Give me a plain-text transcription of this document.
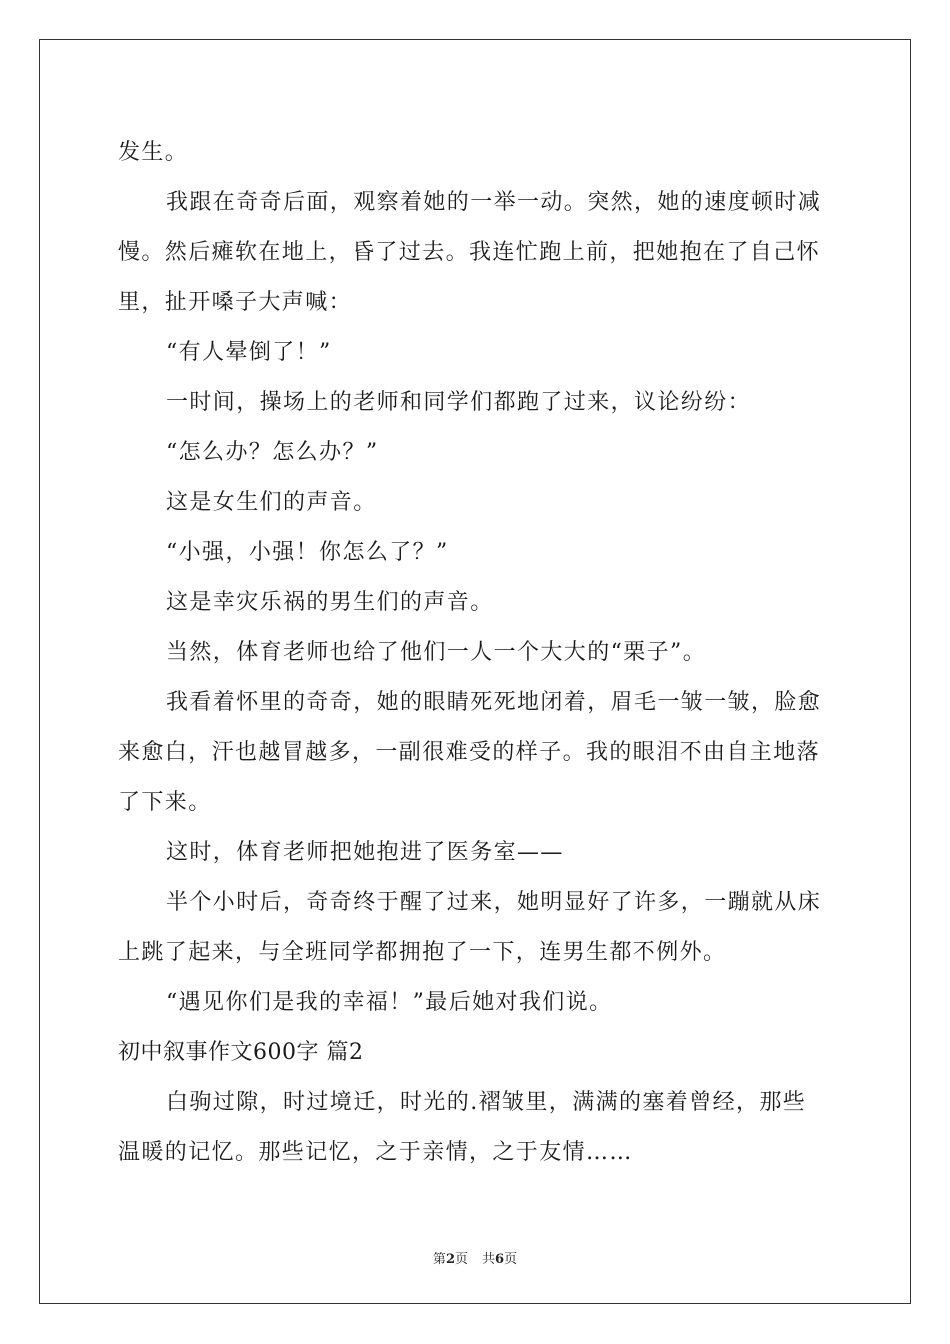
发生。
我跟在奇奇后面，观察着她的一举一动。突然，她的速度顿时减
慢。然后瘫软在地上，昏了过去。我连忙跑上前，把她抱在了自己怀
里，扯开嗓子大声喊：
“有人晕倒了！”
一时间，操场上的老师和同学们都跑了过来，议论纷纷：
“怎么办？怎么办？”
这是女生们的声音。
“小强，小强！你怎么了？”
这是幸灾乐祸的男生们的声音。
当然，体育老师也给了他们一人一个大大的“栗子”。
我看着怀里的奇奇，她的眼睛死死地闭着，眉毛一皱一皱，脸愈
来愈白，汗也越冒越多，一副很难受的样子。我的眼泪不由自主地落
了下来。
这时，体育老师把她抱进了医务室——
半个小时后，奇奇终于醒了过来，她明显好了许多，一蹦就从床
上跳了起来，与全班同学都拥抱了一下，连男生都不例外。
“遇见你们是我的幸福！”最后她对我们说。
初中叙事作文600字 篇2
白驹过隙，时过境迁，时光的.褶皱里，满满的塞着曾经，那些
温暖的记忆。那些记忆，之于亲情，之于友情……
第2页 共6页
